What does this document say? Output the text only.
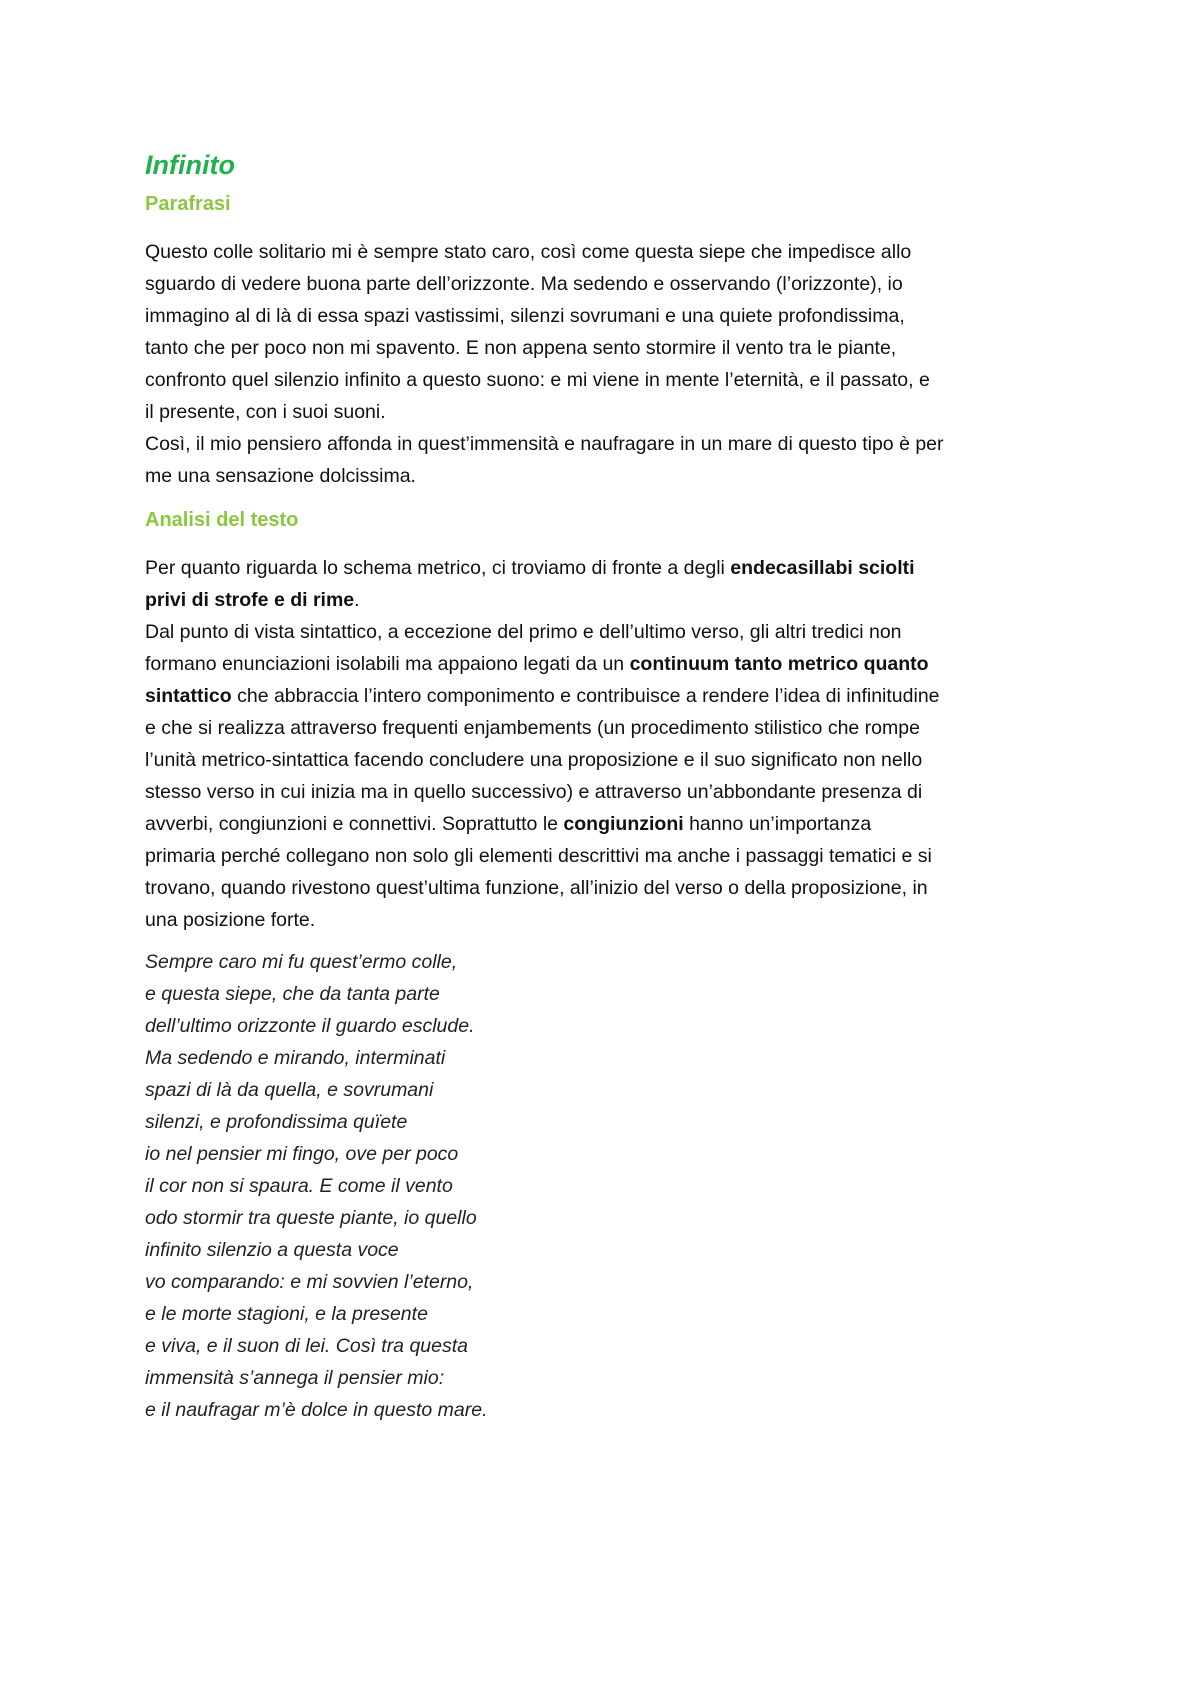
Infinito
Parafrasi
Questo colle solitario mi è sempre stato caro, così come questa siepe che impedisce allo
sguardo di vedere buona parte dell’orizzonte. Ma sedendo e osservando (l’orizzonte), io
immagino al di là di essa spazi vastissimi, silenzi sovrumani e una quiete profondissima,
tanto che per poco non mi spavento. E non appena sento stormire il vento tra le piante,
confronto quel silenzio infinito a questo suono: e mi viene in mente l’eternità, e il passato, e
il presente, con i suoi suoni.
Così, il mio pensiero affonda in quest’immensità e naufragare in un mare di questo tipo è per
me una sensazione dolcissima.
Analisi del testo
Per quanto riguarda lo schema metrico, ci troviamo di fronte a degli endecasillabi sciolti
privi di strofe e di rime.
Dal punto di vista sintattico, a eccezione del primo e dell’ultimo verso, gli altri tredici non
formano enunciazioni isolabili ma appaiono legati da un continuum tanto metrico quanto
sintattico che abbraccia l’intero componimento e contribuisce a rendere l’idea di infinitudine
e che si realizza attraverso frequenti enjambements (un procedimento stilistico che rompe
l’unità metrico-sintattica facendo concludere una proposizione e il suo significato non nello
stesso verso in cui inizia ma in quello successivo) e attraverso un’abbondante presenza di
avverbi, congiunzioni e connettivi. Soprattutto le congiunzioni hanno un’importanza
primaria perché collegano non solo gli elementi descrittivi ma anche i passaggi tematici e si
trovano, quando rivestono quest’ultima funzione, all’inizio del verso o della proposizione, in
una posizione forte.
Sempre caro mi fu quest’ermo colle,
e questa siepe, che da tanta parte
dell’ultimo orizzonte il guardo esclude.
Ma sedendo e mirando, interminati
spazi di là da quella, e sovrumani
silenzi, e profondissima quïete
io nel pensier mi fingo, ove per poco
il cor non si spaura. E come il vento
odo stormir tra queste piante, io quello
infinito silenzio a questa voce
vo comparando: e mi sovvien l’eterno,
e le morte stagioni, e la presente
e viva, e il suon di lei. Così tra questa
immensità s’annega il pensier mio:
e il naufragar m’è dolce in questo mare.
